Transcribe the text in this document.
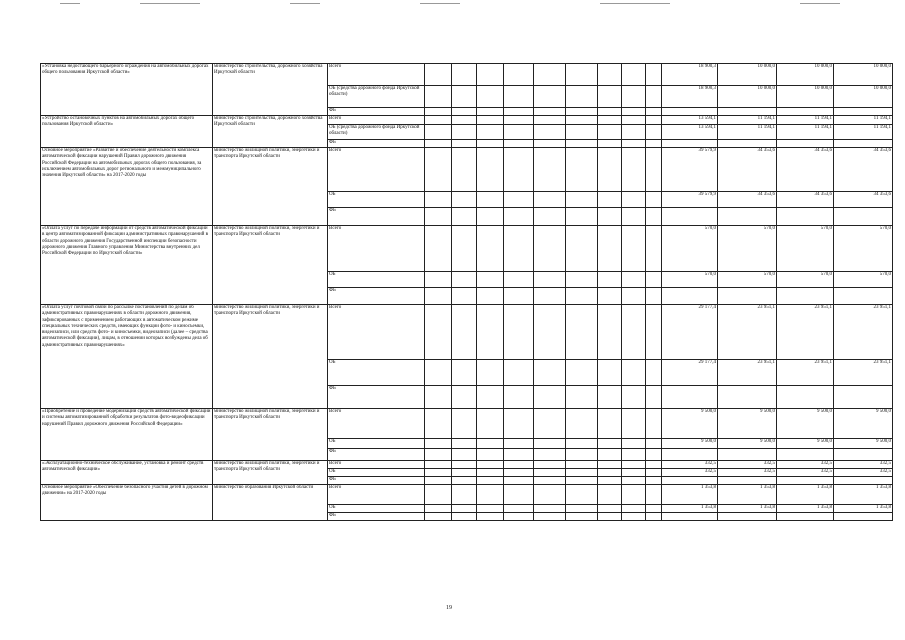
«Установка недостающего барьерного ограждения на автомобильных дорогах общего пользования Иркутской области»	министерство строительства, дорожного хозяйства Иркутской области	Всего										18 900,3	10 000,0	10 000,0	10 000,0
		ОБ (средства дорожного фонда Иркутской области)										18 900,3	10 000,0	10 000,0	10 000,0
		ФБ													
«Устройство остановочных пунктов на автомобильных дорогах общего пользования Иркутской области»	министерство строительства, дорожного хозяйства Иркутской области	Всего										13 594,1	11 194,1	11 194,1	11 194,1
		ОБ (средства дорожного фонда Иркутской области)										13 594,1	11 194,1	11 194,1	11 194,1
		ФБ													
Основное мероприятие «Развитие и обеспечение деятельности комплекса автоматической фиксации нарушений Правил дорожного движения Российской Федерации на автомобильных дорогах общего пользования, за исключением автомобильных дорог регионального и межмуниципального значения Иркутской области» на 2017-2020 годы	министерство жилищной политики, энергетики и транспорта Иркутской области	Всего										39 579,9	34 353,6	34 353,6	34 353,6
		ОБ										39 579,9	34 353,6	34 353,6	34 353,6
		ФБ													
«Оплата услуг по передаче информации от средств автоматической фиксации в центр автоматизированной фиксации административных правонарушений в области дорожного движения Государственной инспекции безопасности дорожного движения Главного управления Министерства внутренних дел Российской Федерации по Иркутской области»	министерство жилищной политики, энергетики и транспорта Иркутской области	Всего										570,0	570,0	570,0	570,0
		ОБ										570,0	570,0	570,0	570,0
		ФБ													
«Оплата услуг почтовой связи по рассылке постановлений по делам об административных правонарушениях в области дорожного движения, зафиксированных с применением работающих в автоматическом режиме специальных технических средств, имеющих функции фото- и киносъемки, видеозаписи, или средств фото- и киносъемки, видеозаписи (далее – средства автоматической фиксации), лицам, в отношении которых возбуждены дела об административных правонарушениях»	министерство жилищной политики, энергетики и транспорта Иркутской области	Всего										29 177,4	23 951,1	23 951,1	23 951,1
		ОБ										29 177,4	23 951,1	23 951,1	23 951,1
		ФБ													
«Приобретение и проведение модернизации средств автоматической фиксации и системы автоматизированной обработки результатов фото-видеофиксации нарушений Правил дорожного движения Российской Федерации»	министерство жилищной политики, энергетики и транспорта Иркутской области	Всего										9 500,0	9 500,0	9 500,0	9 500,0
		ОБ										9 500,0	9 500,0	9 500,0	9 500,0
		ФБ													
«Эксплуатационно-техническое обслуживание, установка и ремонт средств автоматической фиксации»	министерство жилищной политики, энергетики и транспорта Иркутской области	Всего										332,5	332,5	332,5	332,5
		ОБ										332,5	332,5	332,5	332,5
		ФБ													
Основное мероприятие «Обеспечение безопасного участия детей в дорожном движении» на 2017-2020 годы	министерство образования Иркутской области	Всего										1 353,8	1 353,8	1 353,8	1 353,8
		ОБ										1 353,8	1 353,8	1 353,8	1 353,8
		ФБ													
19
